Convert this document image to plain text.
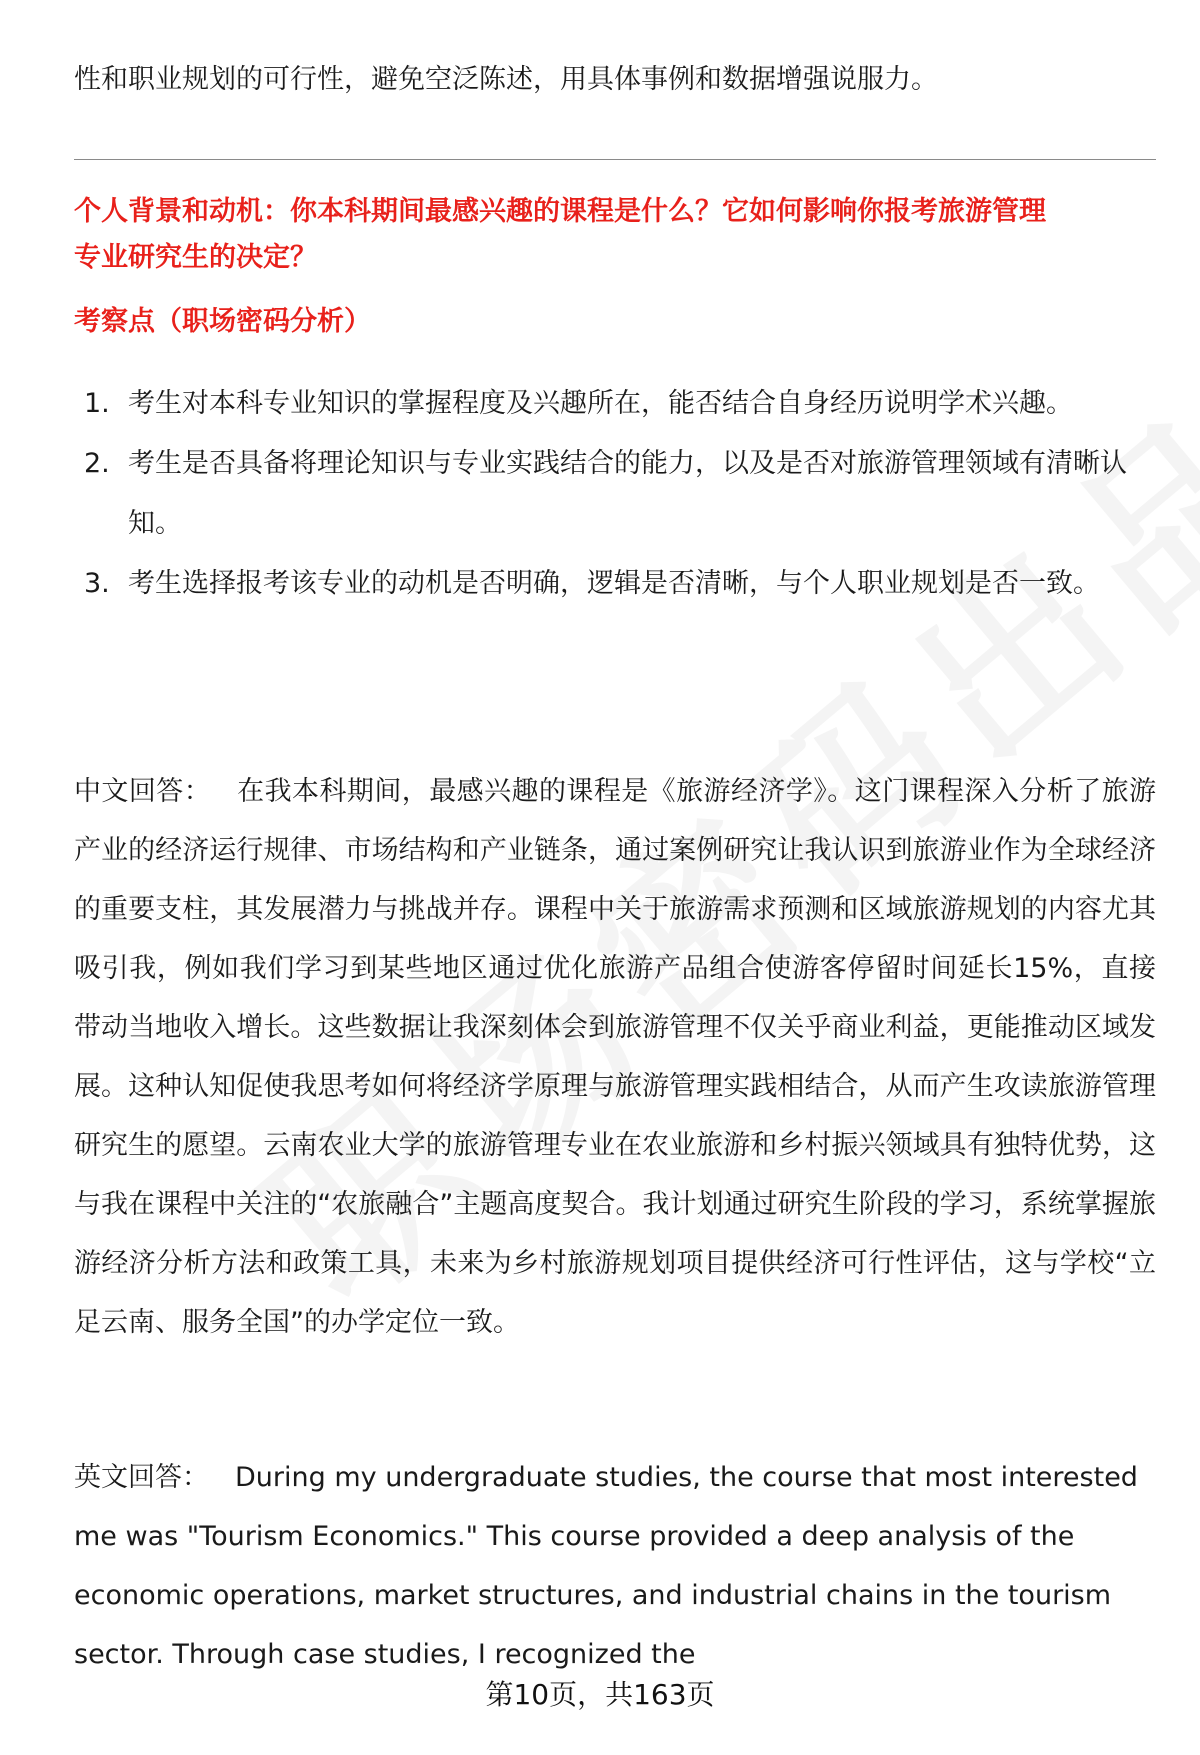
性和职业规划的可行性，避免空泛陈述，用具体事例和数据增强说服力。

个人背景和动机：你本科期间最感兴趣的课程是什么？它如何影响你报考旅游管理
专业研究生的决定？
考察点（职场密码分析）
1. 考生对本科专业知识的掌握程度及兴趣所在，能否结合自身经历说明学术兴趣。
2. 考生是否具备将理论知识与专业实践结合的能力，以及是否对旅游管理领域有清晰认知。
3. 考生选择报考该专业的动机是否明确，逻辑是否清晰，与个人职业规划是否一致。

中文回答： 在我本科期间，最感兴趣的课程是《旅游经济学》。这门课程深入分析了旅游产业的经济运行规律、市场结构和产业链条，通过案例研究让我认识到旅游业作为全球经济的重要支柱，其发展潜力与挑战并存。课程中关于旅游需求预测和区域旅游规划的内容尤其吸引我，例如我们学习到某些地区通过优化旅游产品组合使游客停留时间延长15%，直接带动当地收入增长。这些数据让我深刻体会到旅游管理不仅关乎商业利益，更能推动区域发展。这种认知促使我思考如何将经济学原理与旅游管理实践相结合，从而产生攻读旅游管理研究生的愿望。云南农业大学的旅游管理专业在农业旅游和乡村振兴领域具有独特优势，这与我在课程中关注的“农旅融合”主题高度契合。我计划通过研究生阶段的学习，系统掌握旅游经济分析方法和政策工具，未来为乡村旅游规划项目提供经济可行性评估，这与学校“立足云南、服务全国”的办学定位一致。

英文回答： During my undergraduate studies, the course that most interested me was "Tourism Economics." This course provided a deep analysis of the economic operations, market structures, and industrial chains in the tourism sector. Through case studies, I recognized the

第10页，共163页
